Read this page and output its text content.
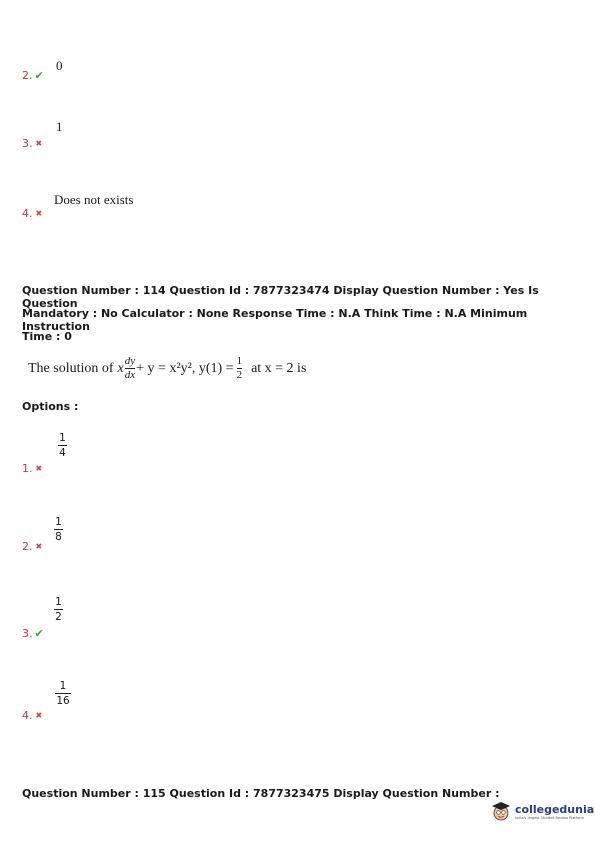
2. ✔
0
3. ✖
1
4. ✖
Does not exists
Question Number : 114 Question Id : 7877323474 Display Question Number : Yes Is Question
Mandatory : No Calculator : None Response Time : N.A Think Time : N.A Minimum Instruction
Time : 0
The solution of x dy
dx + y = x²y², y(1) = 1
2 at x = 2 is
Options :
1
4
1. ✖
1
8
2. ✖
1
2
3. ✔
1
16
4. ✖
Question Number : 115 Question Id : 7877323475 Display Question Number :
collegedunia
India's largest Student Review Platform
